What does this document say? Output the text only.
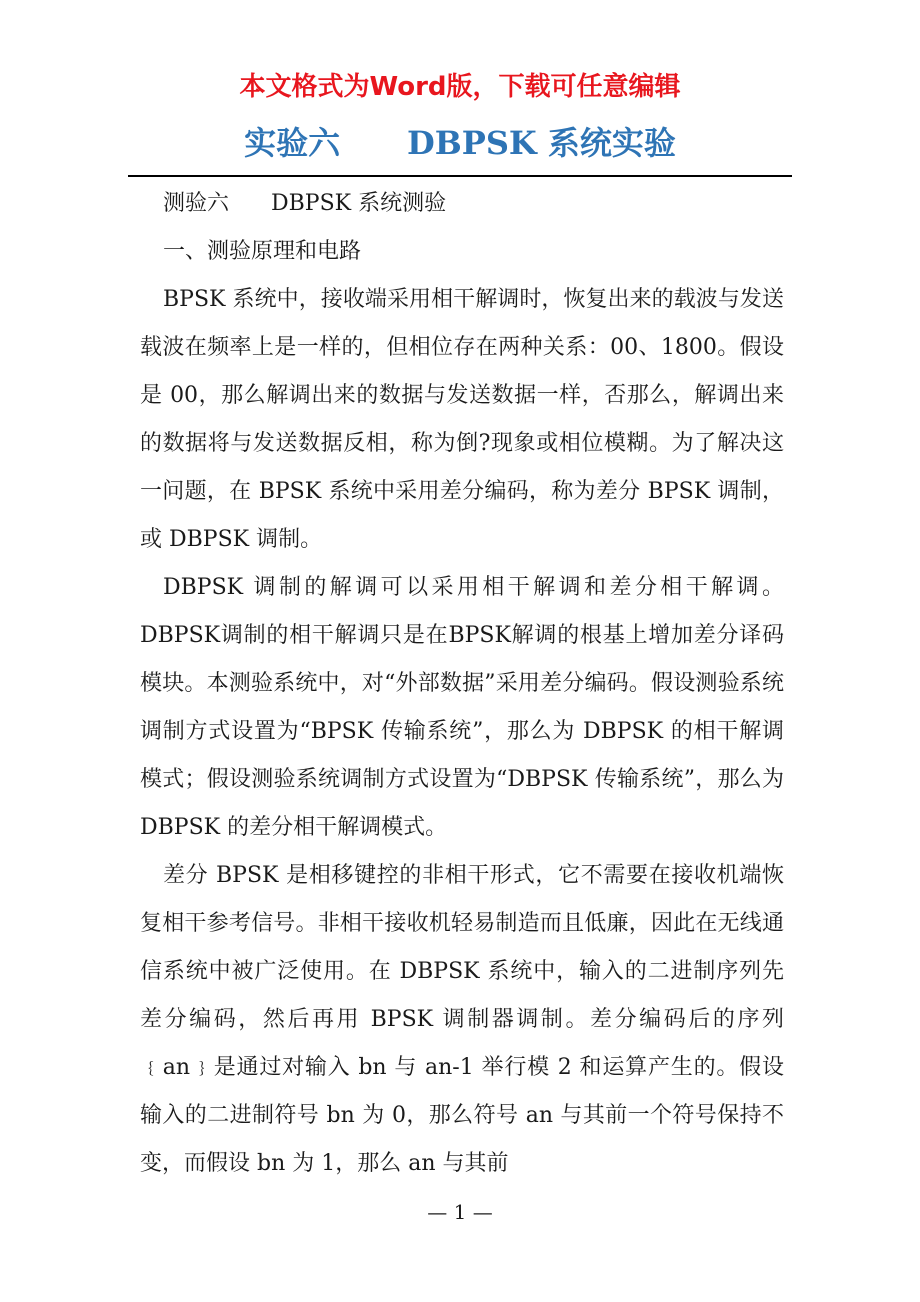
本文格式为Word版，下载可任意编辑
实验六      DBPSK 系统实验

测验六      DBPSK 系统测验

一、测验原理和电路

BPSK 系统中，接收端采用相干解调时，恢复出来的载波与发送载波在频率上是一样的，但相位存在两种关系：00、1800。假设是 00，那么解调出来的数据与发送数据一样，否那么，解调出来的数据将与发送数据反相，称为倒?现象或相位模糊。为了解决这一问题，在 BPSK 系统中采用差分编码，称为差分 BPSK 调制，或 DBPSK 调制。

DBPSK 调制的解调可以采用相干解调和差分相干解调。DBPSK调制的相干解调只是在BPSK解调的根基上增加差分译码模块。本测验系统中，对“外部数据”采用差分编码。假设测验系统调制方式设置为“BPSK 传输系统”，那么为 DBPSK 的相干解调模式；假设测验系统调制方式设置为“DBPSK 传输系统”，那么为 DBPSK 的差分相干解调模式。

差分 BPSK 是相移键控的非相干形式，它不需要在接收机端恢复相干参考信号。非相干接收机轻易制造而且低廉，因此在无线通信系统中被广泛使用。在 DBPSK 系统中，输入的二进制序列先差分编码，然后再用 BPSK 调制器调制。差分编码后的序列﹛an﹜是通过对输入 bn 与 an-1 举行模 2 和运算产生的。假设输入的二进制符号 bn 为 0，那么符号 an 与其前一个符号保持不变，而假设 bn 为 1，那么 an 与其前

— 1 —
